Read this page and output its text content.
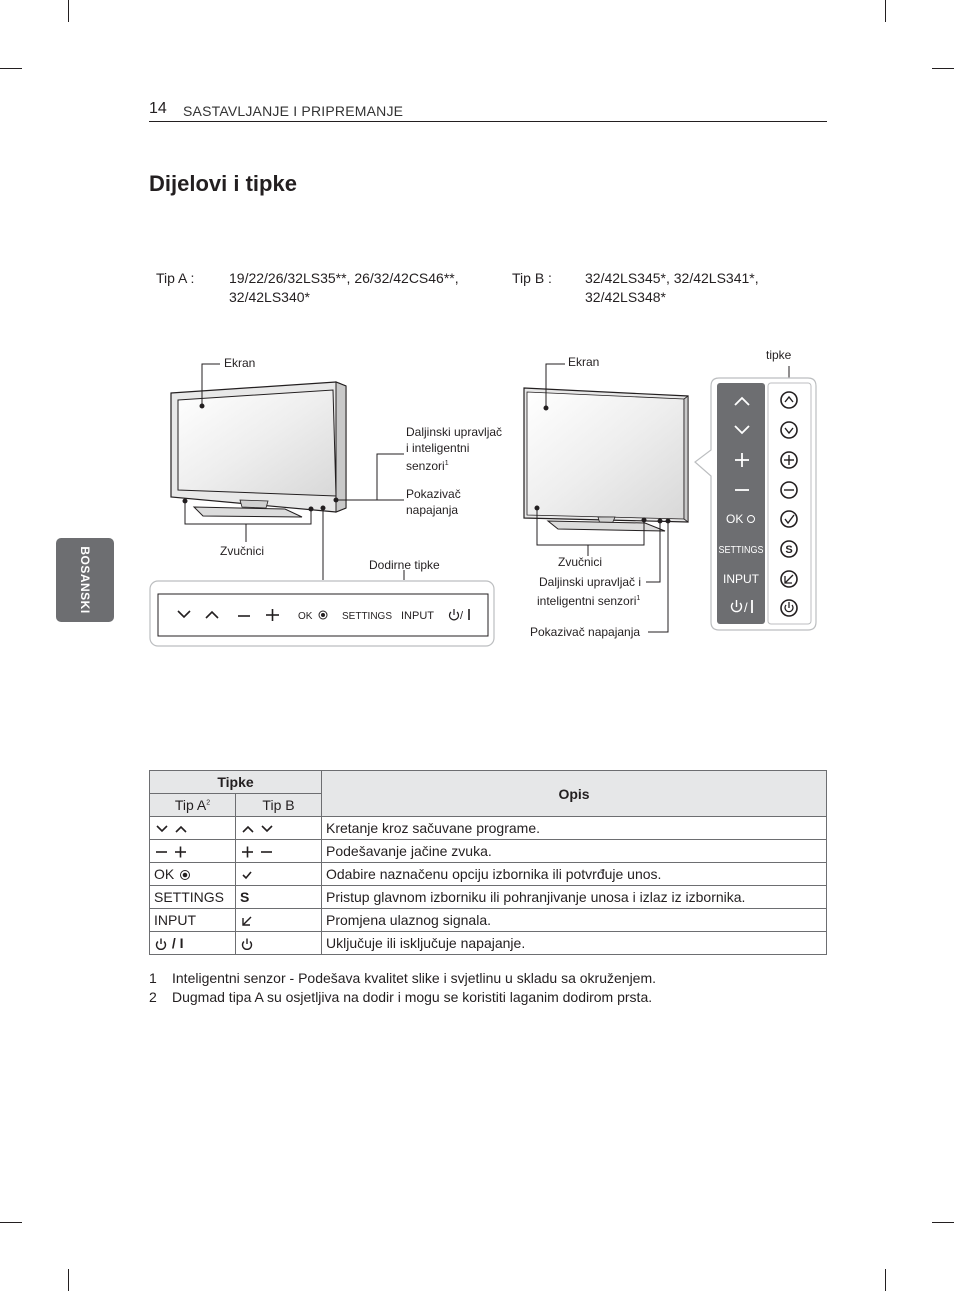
14 SASTAVLJANJE I PRIPREMANJE
BOSANSKI
Dijelovi i tipke
Tip A : 19/22/26/32LS35**, 26/32/42CS46**,
32/42LS340*
Tip B : 32/42LS345*, 32/42LS341*,
32/42LS348*
OK	SETTINGS INPUT /
OK
SETTINGS
INPUT
/
S
Ekran
Daljinski upravljač
i inteligentni
senzori$^1$
Pokazivač
napajanja
Zvučnici
Dodirne tipke
Ekran	tipke
Zvučnici
Daljinski upravljač i
inteligentni senzori$^1$
Pokazivač napajanja
Tipke		Opis
Tip $A^2$	Tip B	
		Kretanje kroz sačuvane programe.
		Podešavanje jačine zvuka.
OK		Odabire naznačenu opciju izbornika ili potvrđuje unos.
SETTINGS	S	Pristup glavnom izborniku ili pohranjivanje unosa i izlaz iz izbornika.
INPUT		Promjena ulaznog signala.
/ I		Uključuje ili isključuje napajanje.
1 Inteligentni senzor - Podešava kvalitet slike i svjetlinu u skladu sa okruženjem.
2 Dugmad tipa A su osjetljiva na dodir i mogu se koristiti laganim dodirom prsta.
